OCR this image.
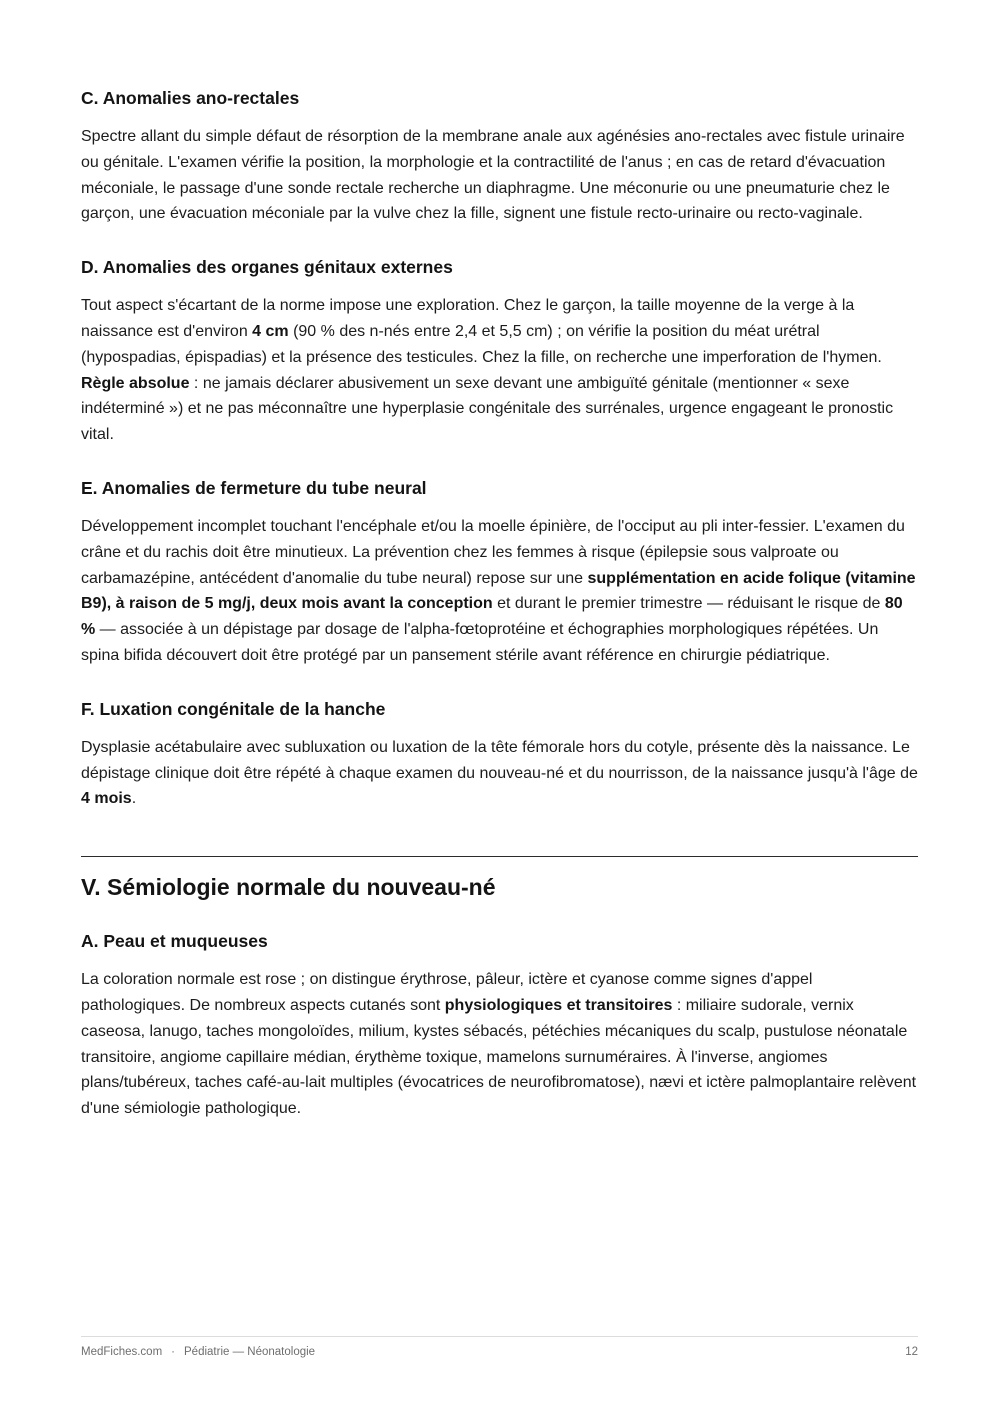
C. Anomalies ano-rectales

Spectre allant du simple défaut de résorption de la membrane anale aux agénésies ano-rectales avec fistule urinaire ou génitale. L'examen vérifie la position, la morphologie et la contractilité de l'anus ; en cas de retard d'évacuation méconiale, le passage d'une sonde rectale recherche un diaphragme. Une méconurie ou une pneumaturie chez le garçon, une évacuation méconiale par la vulve chez la fille, signent une fistule recto-urinaire ou recto-vaginale.

D. Anomalies des organes génitaux externes

Tout aspect s'écartant de la norme impose une exploration. Chez le garçon, la taille moyenne de la verge à la naissance est d'environ 4 cm (90 % des n-nés entre 2,4 et 5,5 cm) ; on vérifie la position du méat urétral (hypospadias, épispadias) et la présence des testicules. Chez la fille, on recherche une imperforation de l'hymen. Règle absolue : ne jamais déclarer abusivement un sexe devant une ambiguïté génitale (mentionner « sexe indéterminé ») et ne pas méconnaître une hyperplasie congénitale des surrénales, urgence engageant le pronostic vital.

E. Anomalies de fermeture du tube neural

Développement incomplet touchant l'encéphale et/ou la moelle épinière, de l'occiput au pli inter-fessier. L'examen du crâne et du rachis doit être minutieux. La prévention chez les femmes à risque (épilepsie sous valproate ou carbamazépine, antécédent d'anomalie du tube neural) repose sur une supplémentation en acide folique (vitamine B9), à raison de 5 mg/j, deux mois avant la conception et durant le premier trimestre — réduisant le risque de 80 % — associée à un dépistage par dosage de l'alpha-fœtoprotéine et échographies morphologiques répétées. Un spina bifida découvert doit être protégé par un pansement stérile avant référence en chirurgie pédiatrique.

F. Luxation congénitale de la hanche

Dysplasie acétabulaire avec subluxation ou luxation de la tête fémorale hors du cotyle, présente dès la naissance. Le dépistage clinique doit être répété à chaque examen du nouveau-né et du nourrisson, de la naissance jusqu'à l'âge de 4 mois.

V. Sémiologie normale du nouveau-né
A. Peau et muqueuses

La coloration normale est rose ; on distingue érythrose, pâleur, ictère et cyanose comme signes d'appel pathologiques. De nombreux aspects cutanés sont physiologiques et transitoires : miliaire sudorale, vernix caseosa, lanugo, taches mongoloïdes, milium, kystes sébacés, pétéchies mécaniques du scalp, pustulose néonatale transitoire, angiome capillaire médian, érythème toxique, mamelons surnuméraires. À l'inverse, angiomes plans/tubéreux, taches café-au-lait multiples (évocatrices de neurofibromatose), nævi et ictère palmoplantaire relèvent d'une sémiologie pathologique.

MedFiches.com · Pédiatrie — Néonatologie	12
